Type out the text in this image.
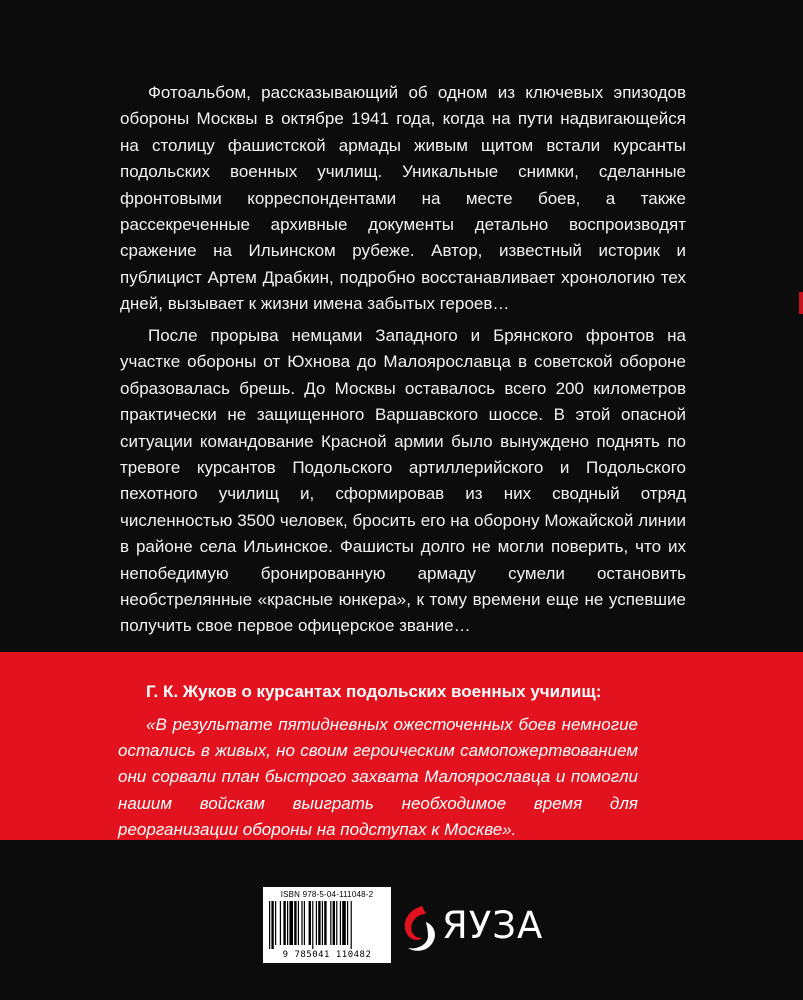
Фотоальбом, рассказывающий об одном из ключевых эпизодов обороны Москвы в октябре 1941 года, когда на пути надвигающейся на столицу фашистской армады живым щитом встали курсанты подольских военных училищ. Уникальные снимки, сделанные фронтовыми корреспондентами на месте боев, а также рассекреченные архивные документы детально воспроизводят сражение на Ильинском рубеже. Автор, известный историк и публицист Артем Драбкин, подробно восстанавливает хронологию тех дней, вызывает к жизни имена забытых героев…

После прорыва немцами Западного и Брянского фронтов на участке обороны от Юхнова до Малоярославца в советской обороне образовалась брешь. До Москвы оставалось всего 200 километров практически не защищенного Варшавского шоссе. В этой опасной ситуации командование Красной армии было вынуждено поднять по тревоге курсантов Подольского артиллерийского и Подольского пехотного училищ и, сформировав из них сводный отряд численностью 3500 человек, бросить его на оборону Можайской линии в районе села Ильинское. Фашисты долго не могли поверить, что их непобедимую бронированную армаду сумели остановить необстрелянные «красные юнкера», к тому времени еще не успевшие получить свое первое офицерское звание…

Г. К. Жуков о курсантах подольских военных училищ:
«В результате пятидневных ожесточенных боев немногие остались в живых, но своим героическим самопожертвованием они сорвали план быстрого захвата Малоярославца и помогли нашим войскам выиграть необходимое время для реорганизации обороны на подступах к Москве».
ISBN 978-5-04-111048-2
9 785041 110482
ЯУЗА
